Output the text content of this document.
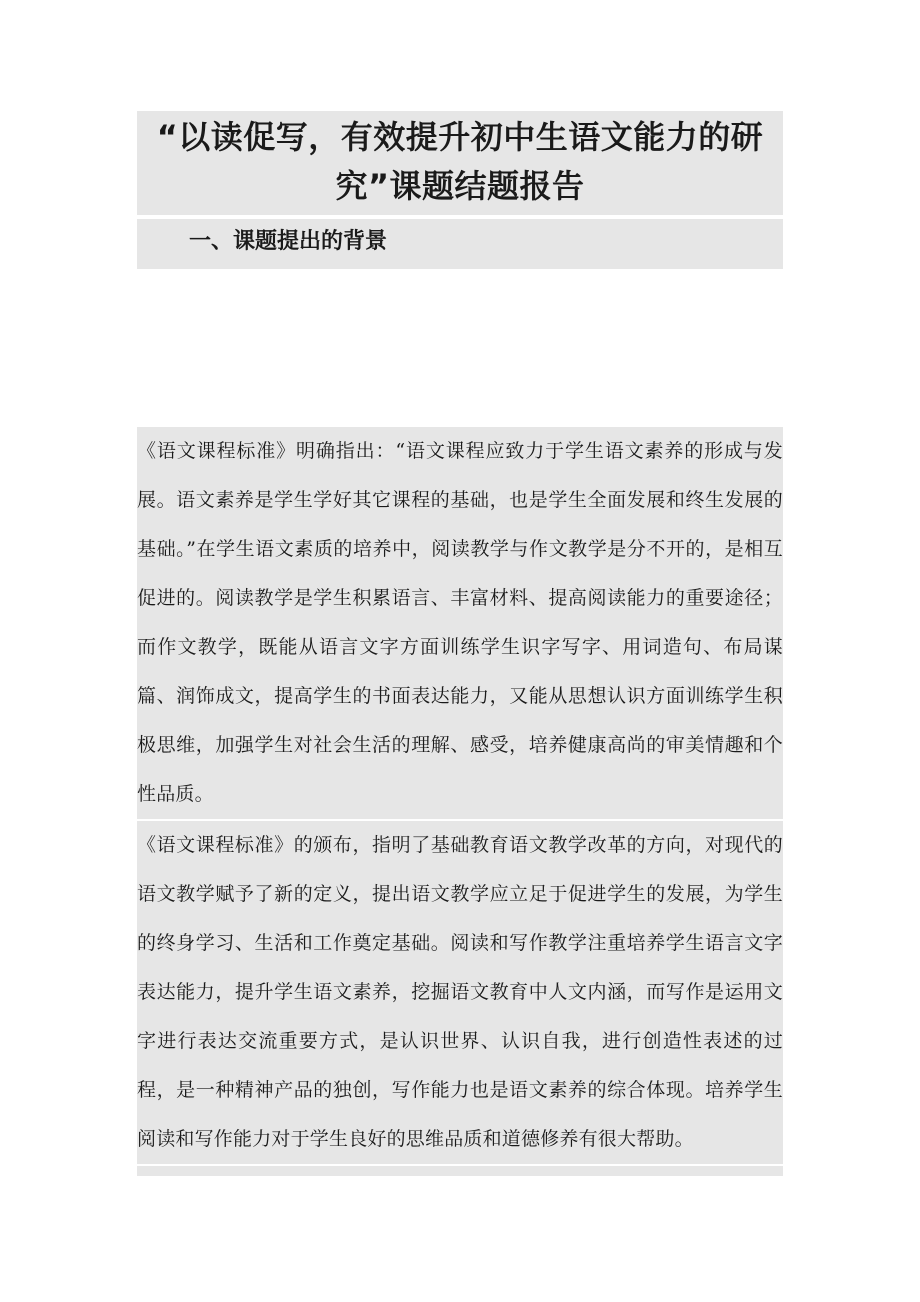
“以读促写，有效提升初中生语文能力的研究”课题结题报告
一、课题提出的背景

《语文课程标准》明确指出：“语文课程应致力于学生语文素养的形成与发展。语文素养是学生学好其它课程的基础，也是学生全面发展和终生发展的基础。”在学生语文素质的培养中，阅读教学与作文教学是分不开的，是相互促进的。阅读教学是学生积累语言、丰富材料、提高阅读能力的重要途径；而作文教学，既能从语言文字方面训练学生识字写字、用词造句、布局谋篇、润饰成文，提高学生的书面表达能力，又能从思想认识方面训练学生积极思维，加强学生对社会生活的理解、感受，培养健康高尚的审美情趣和个性品质。

《语文课程标准》的颁布，指明了基础教育语文教学改革的方向，对现代的语文教学赋予了新的定义，提出语文教学应立足于促进学生的发展，为学生的终身学习、生活和工作奠定基础。阅读和写作教学注重培养学生语言文字表达能力，提升学生语文素养，挖掘语文教育中人文内涵，而写作是运用文字进行表达交流重要方式，是认识世界、认识自我，进行创造性表述的过程，是一种精神产品的独创，写作能力也是语文素养的综合体现。培养学生阅读和写作能力对于学生良好的思维品质和道德修养有很大帮助。
